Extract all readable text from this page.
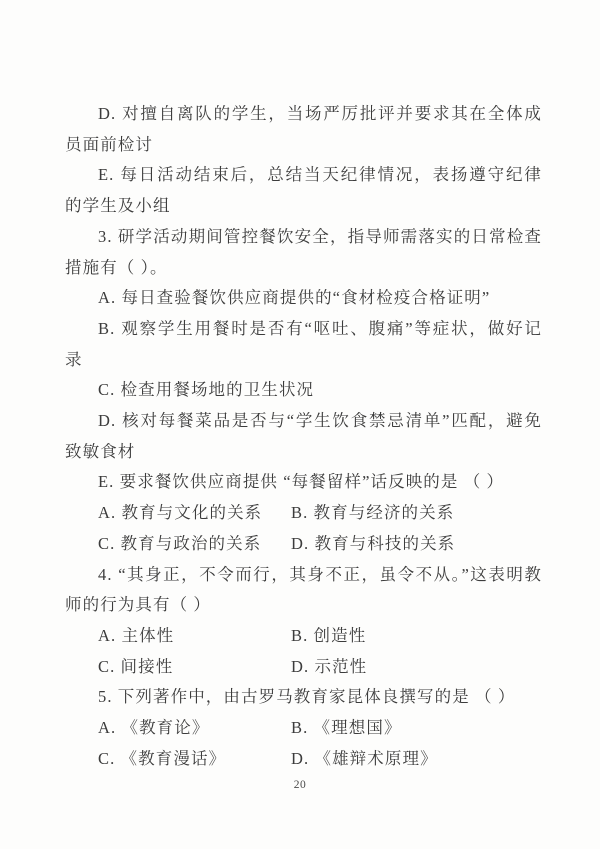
D. 对擅自离队的学生，当场严厉批评并要求其在全体成员面前检讨

E. 每日活动结束后，总结当天纪律情况，表扬遵守纪律的学生及小组

3. 研学活动期间管控餐饮安全，指导师需落实的日常检查措施有（ ）。

A. 每日查验餐饮供应商提供的“食材检疫合格证明”

B. 观察学生用餐时是否有“呕吐、腹痛”等症状，做好记录

C. 检查用餐场地的卫生状况

D. 核对每餐菜品是否与“学生饮食禁忌清单”匹配，避免致敏食材

E. 要求餐饮供应商提供 “每餐留样”话反映的是 （ ）

A. 教育与文化的关系 B. 教育与经济的关系

C. 教育与政治的关系 D. 教育与科技的关系

4. “其身正，不令而行，其身不正，虽令不从。”这表明教师的行为具有（ ）

A. 主体性	B. 创造性

C. 间接性	D. 示范性

5. 下列著作中，由古罗马教育家昆体良撰写的是 （ ）

A. 《教育论》	B. 《理想国》

C. 《教育漫话》	D. 《雄辩术原理》

20
